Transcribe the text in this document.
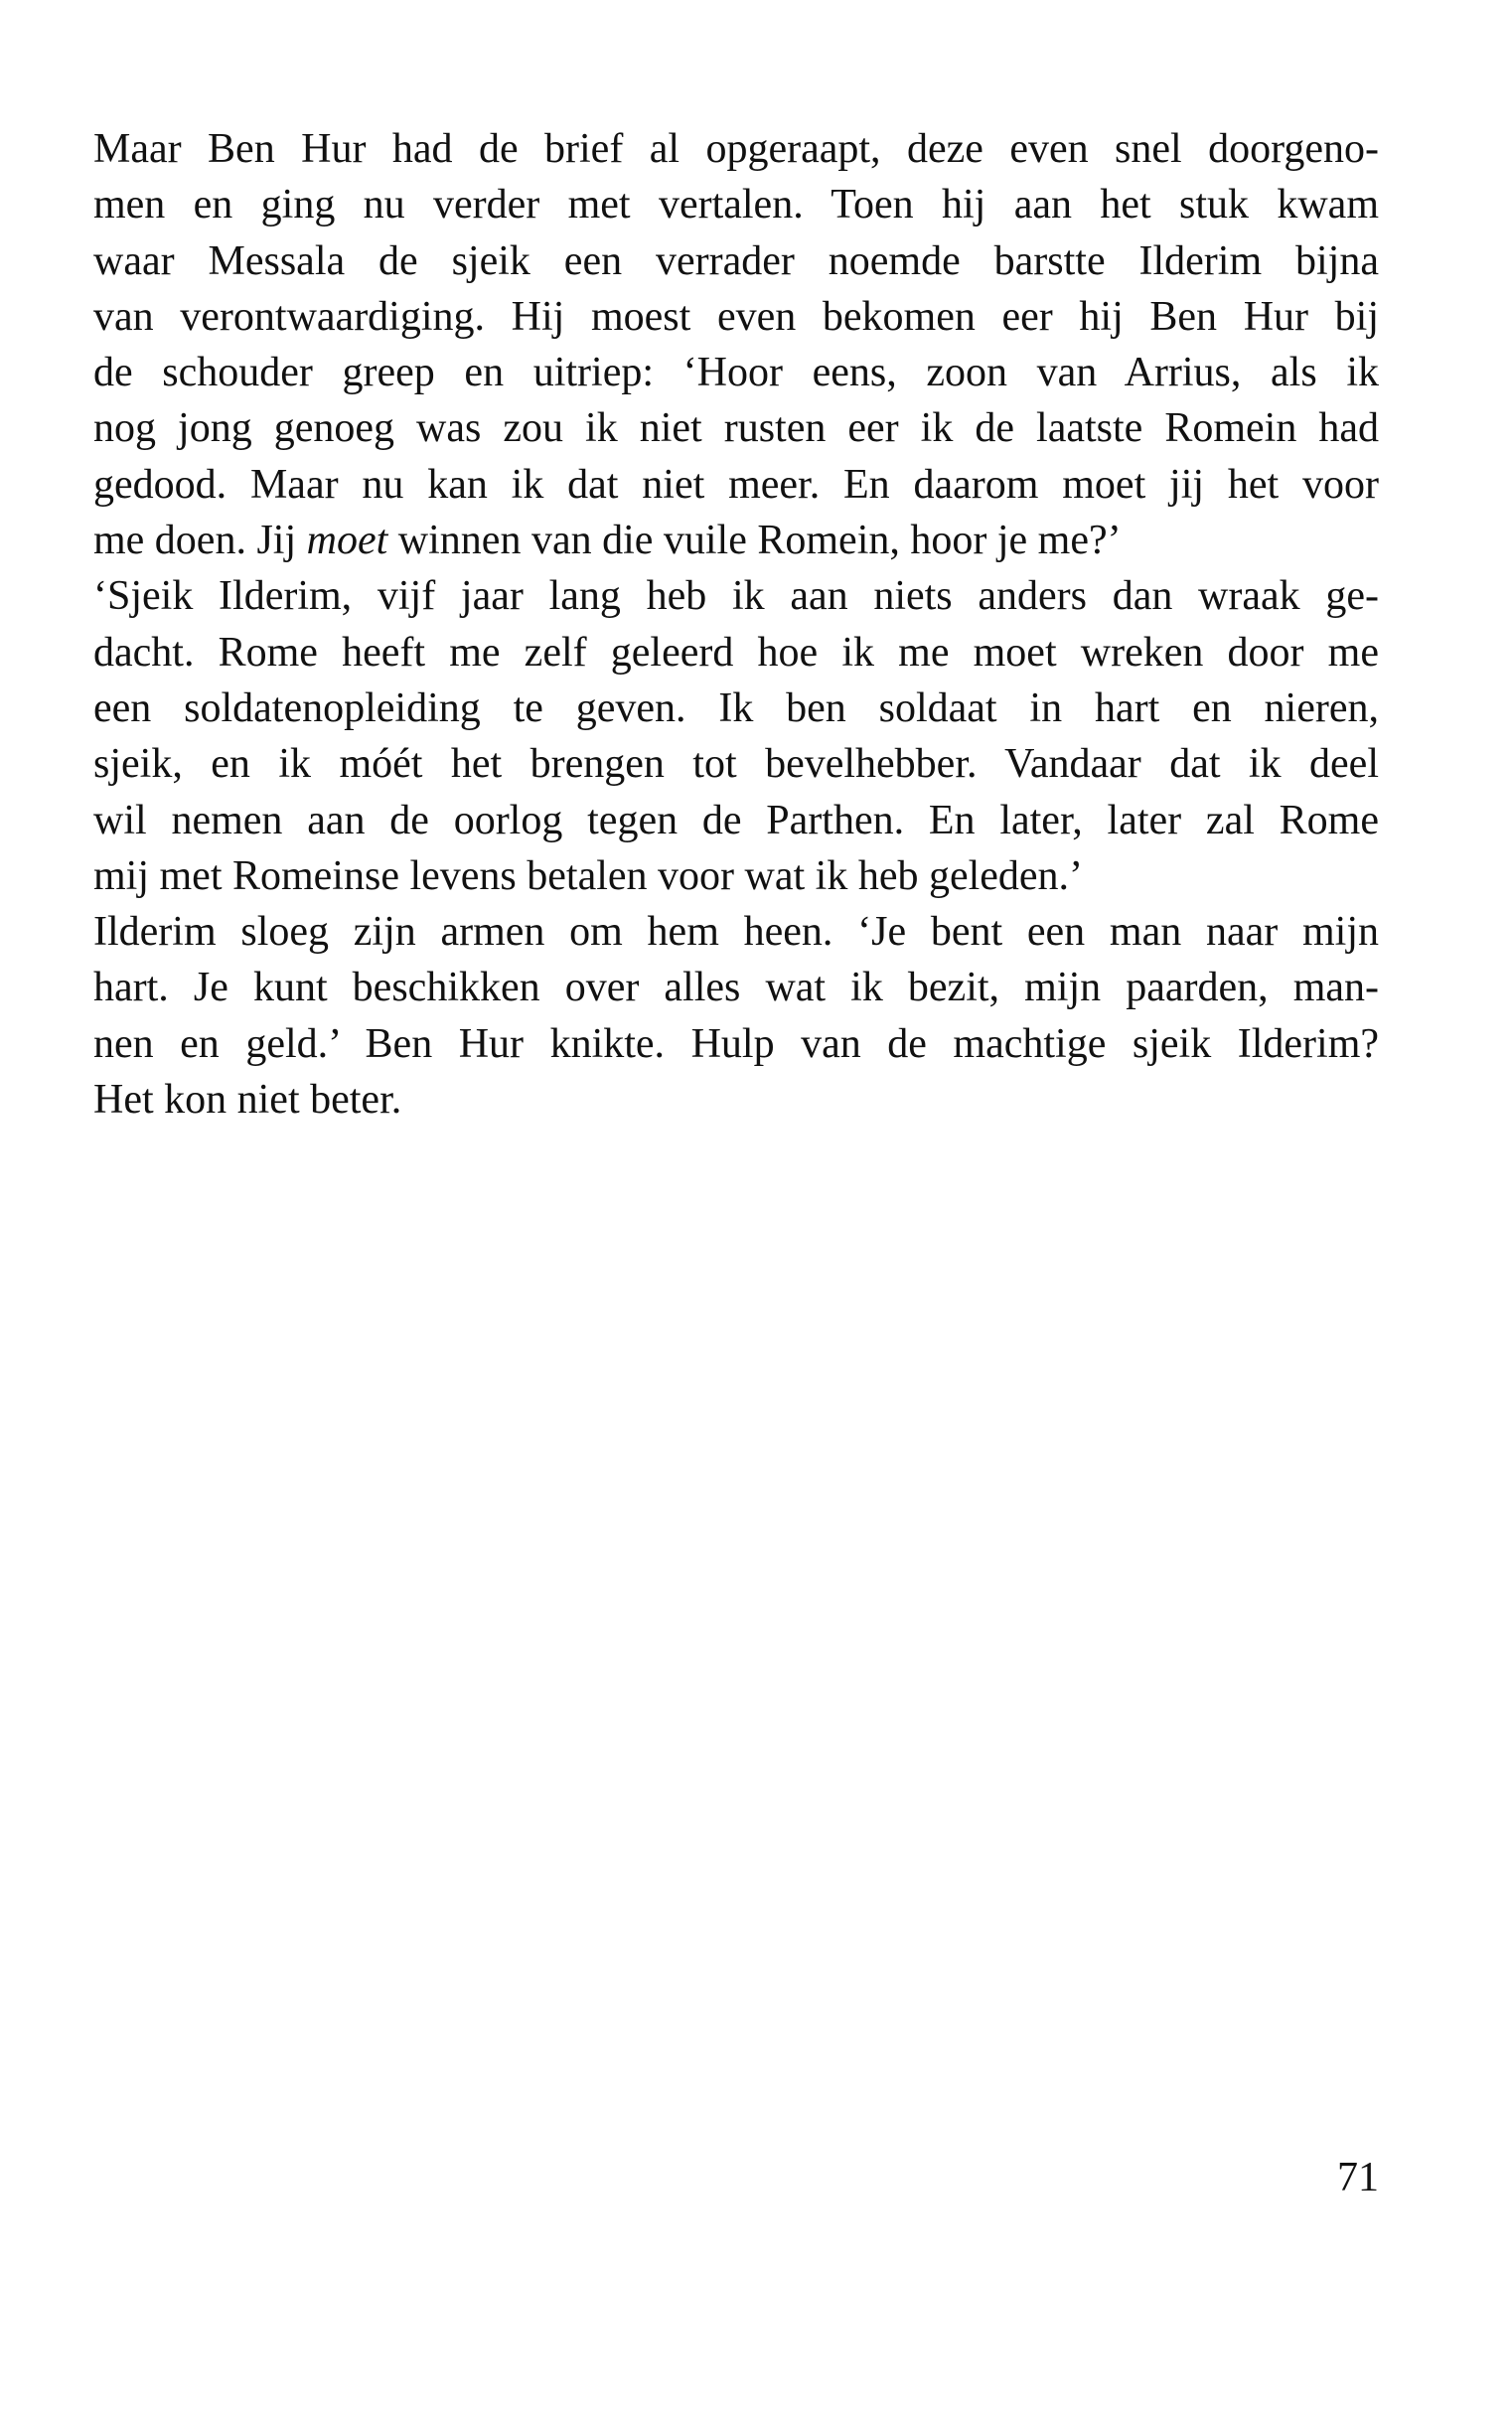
Maar Ben Hur had de brief al opgeraapt, deze even snel doorgeno-
men en ging nu verder met vertalen. Toen hij aan het stuk kwam
waar Messala de sjeik een verrader noemde barstte Ilderim bijna
van verontwaardiging. Hij moest even bekomen eer hij Ben Hur bij
de schouder greep en uitriep: ‘Hoor eens, zoon van Arrius, als ik
nog jong genoeg was zou ik niet rusten eer ik de laatste Romein had
gedood. Maar nu kan ik dat niet meer. En daarom moet jij het voor
me doen. Jij moet winnen van die vuile Romein, hoor je me?’
‘Sjeik Ilderim, vijf jaar lang heb ik aan niets anders dan wraak ge-
dacht. Rome heeft me zelf geleerd hoe ik me moet wreken door me
een soldatenopleiding te geven. Ik ben soldaat in hart en nieren,
sjeik, en ik móét het brengen tot bevelhebber. Vandaar dat ik deel
wil nemen aan de oorlog tegen de Parthen. En later, later zal Rome
mij met Romeinse levens betalen voor wat ik heb geleden.’
Ilderim sloeg zijn armen om hem heen. ‘Je bent een man naar mijn
hart. Je kunt beschikken over alles wat ik bezit, mijn paarden, man-
nen en geld.’ Ben Hur knikte. Hulp van de machtige sjeik Ilderim?
Het kon niet beter.
71
